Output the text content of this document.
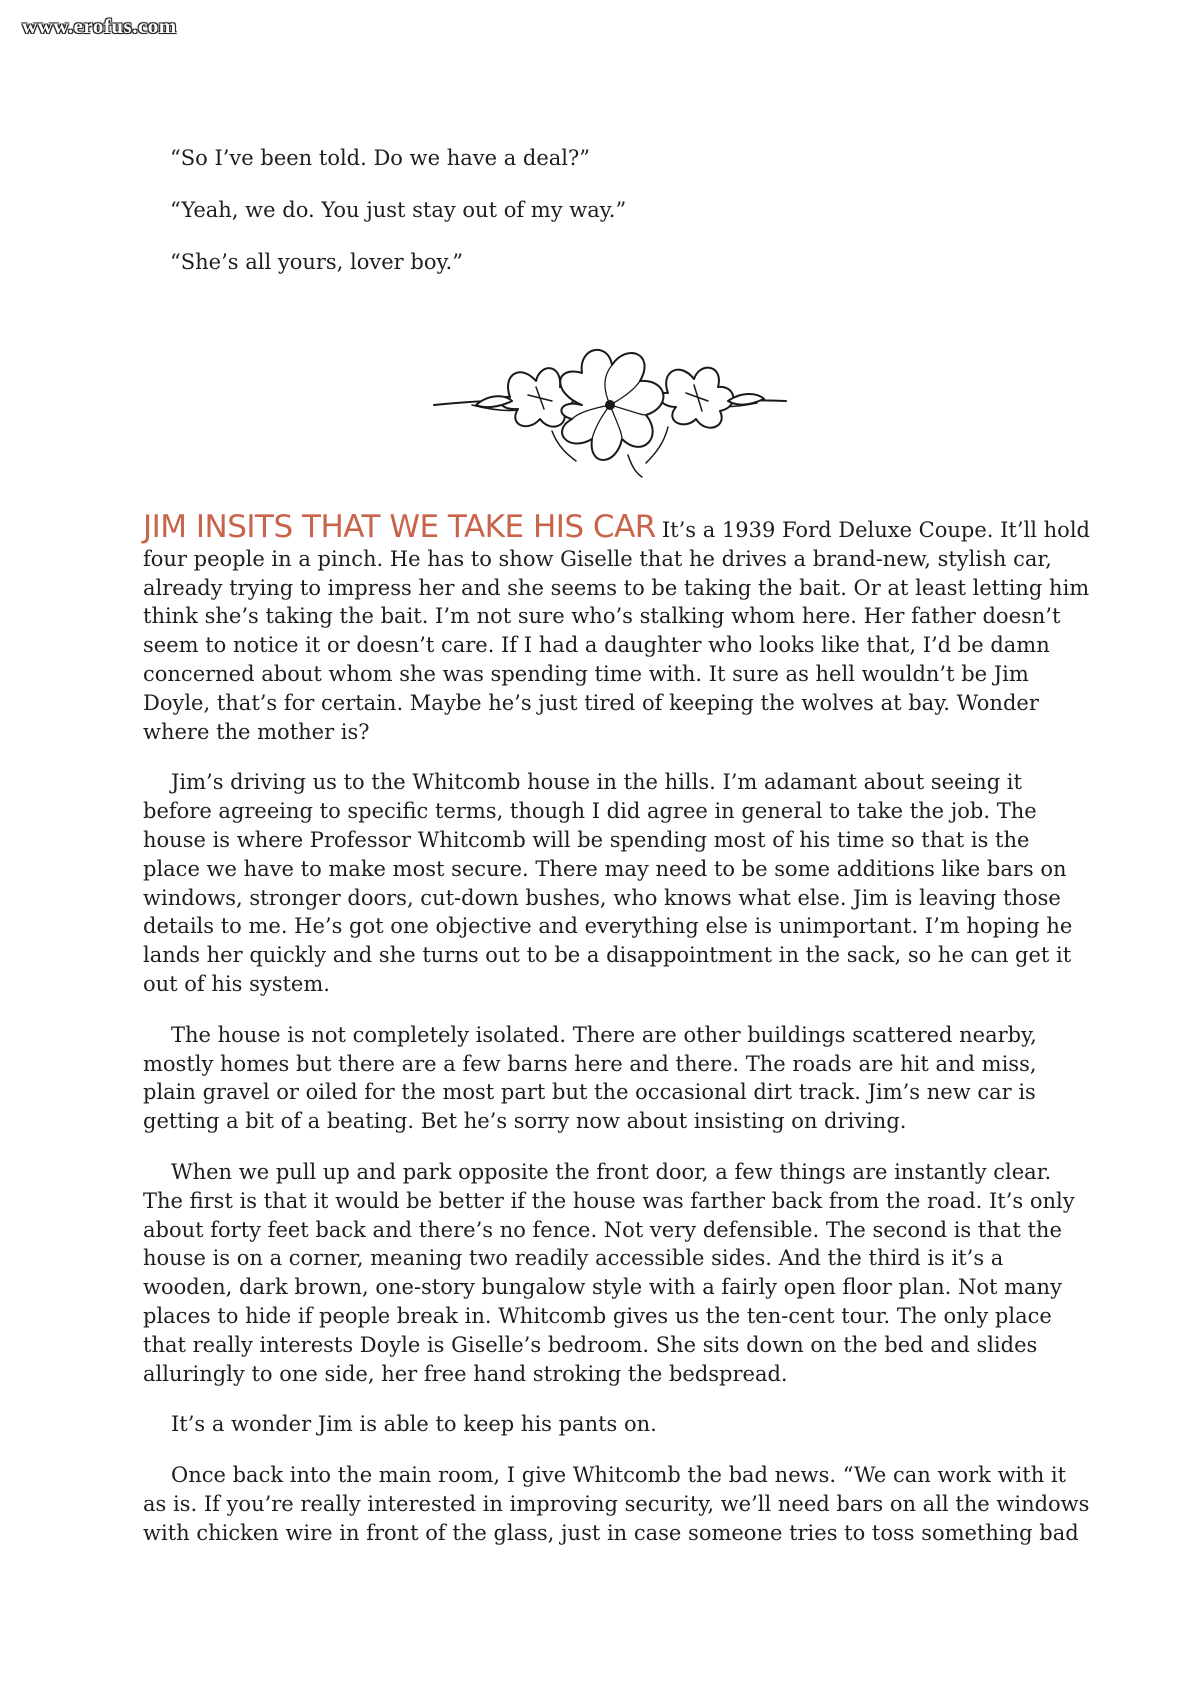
www.erofus.com

“So I’ve been told. Do we have a deal?”

“Yeah, we do. You just stay out of my way.”

“She’s all yours, lover boy.”

JIM INSITS THAT WE TAKE HIS CAR It’s a 1939 Ford Deluxe Coupe. It’ll hold
four people in a pinch. He has to show Giselle that he drives a brand-new, stylish car,
already trying to impress her and she seems to be taking the bait. Or at least letting him
think she’s taking the bait. I’m not sure who’s stalking whom here. Her father doesn’t
seem to notice it or doesn’t care. If I had a daughter who looks like that, I’d be damn
concerned about whom she was spending time with. It sure as hell wouldn’t be Jim
Doyle, that’s for certain. Maybe he’s just tired of keeping the wolves at bay. Wonder
where the mother is?

Jim’s driving us to the Whitcomb house in the hills. I’m adamant about seeing it
before agreeing to specific terms, though I did agree in general to take the job. The
house is where Professor Whitcomb will be spending most of his time so that is the
place we have to make most secure. There may need to be some additions like bars on
windows, stronger doors, cut-down bushes, who knows what else. Jim is leaving those
details to me. He’s got one objective and everything else is unimportant. I’m hoping he
lands her quickly and she turns out to be a disappointment in the sack, so he can get it
out of his system.

The house is not completely isolated. There are other buildings scattered nearby,
mostly homes but there are a few barns here and there. The roads are hit and miss,
plain gravel or oiled for the most part but the occasional dirt track. Jim’s new car is
getting a bit of a beating. Bet he’s sorry now about insisting on driving.

When we pull up and park opposite the front door, a few things are instantly clear.
The first is that it would be better if the house was farther back from the road. It’s only
about forty feet back and there’s no fence. Not very defensible. The second is that the
house is on a corner, meaning two readily accessible sides. And the third is it’s a
wooden, dark brown, one-story bungalow style with a fairly open floor plan. Not many
places to hide if people break in. Whitcomb gives us the ten-cent tour. The only place
that really interests Doyle is Giselle’s bedroom. She sits down on the bed and slides
alluringly to one side, her free hand stroking the bedspread.

It’s a wonder Jim is able to keep his pants on.

Once back into the main room, I give Whitcomb the bad news. “We can work with it
as is. If you’re really interested in improving security, we’ll need bars on all the windows
with chicken wire in front of the glass, just in case someone tries to toss something bad
